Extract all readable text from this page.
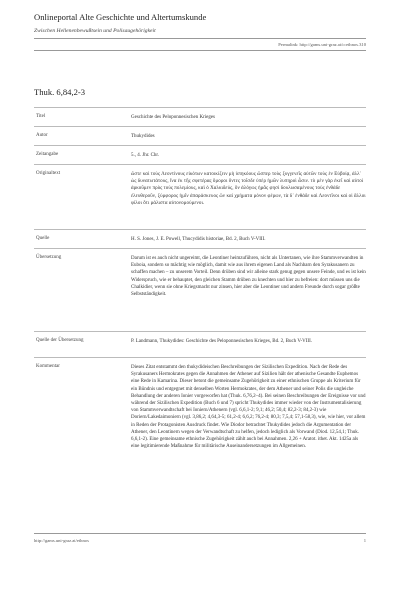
Onlineportal Alte Geschichte und Altertumskunde
Zwischen Hellenenbewußtsein und Polisaugehörigkeit
Permalink: http://gams.uni-graz.at/o:ethnos.310
Thuk. 6,84,2-3
Titel	Geschichte des Peloponnesischen Krieges
Autor	Thukydides
Zeitangabe	5., 4. Jhr. Chr.
Originaltext	ὥστε καὶ τοὺς Λεοντίνους εἰκότων κατοικίζειν μὴ ὑπηκόους ὥσπερ τοὺς ξυγγενεῖς αὐτῶν τοὺς ἐν Εὐβοίᾳ, ἀλλ᾽ ὡς δυνατωτάτους, ἵνα ἐκ τῆς σφετέρας ὅμοροι ὄντες τοῖσδε ὑπὲρ ἡμῶν λυπηροὶ ὦσιν. τὸ μὲν γὰρ ἐκεῖ καὶ αὐτοὶ ἀρκοῦμεν πρὸς τοὺς πολεμίους, καὶ ὁ Χαλκιδεύς, ὃν ἀλόγως ἡμᾶς φησὶ δουλωσαμένους τοὺς ἐνθάδε ἐλευθεροῦν, ξύμφορος ἡμῖν ἀπαράσκευος ὢν καὶ χρήματα μόνον φέρων, τὰ δ᾽ ἐνθάδε καὶ Λεοντῖνοι καὶ οἱ ἄλλοι φίλοι ὅτι μάλιστα αὐτονομούμενοι.
Quelle	H. S. Jones, J. E. Powell, Thucydidis historiae, Bd. 2, Buch V-VIII.
Übersetzung	Darum ist es auch nicht ungereimt, die Leontiner heimzuführen, nicht als Untertanen, wie ihre Stammverwandten in Euboia, sondern so mächtig wie möglich, damit wie aus ihrem eigenen Land als Nachbarn den Syrakusanern zu schaffen machen – zu unserem Vorteil. Denn drüben sind wir alleine stark genug gegen unsere Feinde, und es ist kein Widerspruch, wie er behauptet, den gleichen Stamm drüben zu knechten und hier zu befreien: dort müssen uns die Chalkidier, wenn sie ohne Kriegsmacht nur zinsen, hier aber die Leontiner und andern Freunde durch sogar größte Selbstständigkeit.
Quelle der Übersetzung	P. Landmann, Thukydides: Geschichte des Peloponnesischen Krieges, Bd. 2, Buch V-VIII.
Kommentar	Dieses Zitat entstammt den thukydideischen Beschreibungen der Sizilischen Expedition. Nach der Rede des Syrakusaners Hermokrates gegen die Annahmen der Athener auf Sizilien hält der athenische Gesandte Euphemos eine Rede in Kamarina. Dieser betont die gemeinsame Zugehörigkeit zu einer ethnischen Gruppe als Kriterium für ein Bündnis und entgegnet mit denselben Worten Hermokrates, der dem Athener und seiner Polis die ungleiche Behandlung der anderen Ionier vorgeworfen hat (Thuk. 6,76,2–4). Bei seinen Beschreibungen der Ereignisse vor und während der Sizilischen Expedition (Buch 6 und 7) spricht Thukydides immer wieder von der Instrumentalisierung von Stammverwandtschaft bei Ioniern/Athenern (vgl. 6,6,1-2; 9,1; 46,2; 50,4; 82,2-3; 84,2-3) wie Doriern/Lakedaimoniern (vgl. 3,86,2; 4,64,3-5; 61,2-4; 6,6,2; 76,2-4; 80,3; 7,5,4; 57,1-58,3), wie, wie hier, vor allem in Reden der Protagonisten Ausdruck findet. Wie Diodor betrachtet Thukydides jedoch die Argumentation der Athener, den Leontinern wegen der Verwandtschaft zu helfen, jedoch lediglich als Vorwand (Diod. 12,54,1; Thuk. 6,6,1-2). Eine gemeinsame ethnische Zugehörigkeit zählt auch bei Annahmen. 2,26 + Aratot. ithet. Akt. 1425a als eine legitimierende Maßnahme für militärische Auseinandersetzungen im Allgemeinen.
http://gams.uni-graz.at/ethnos	1
